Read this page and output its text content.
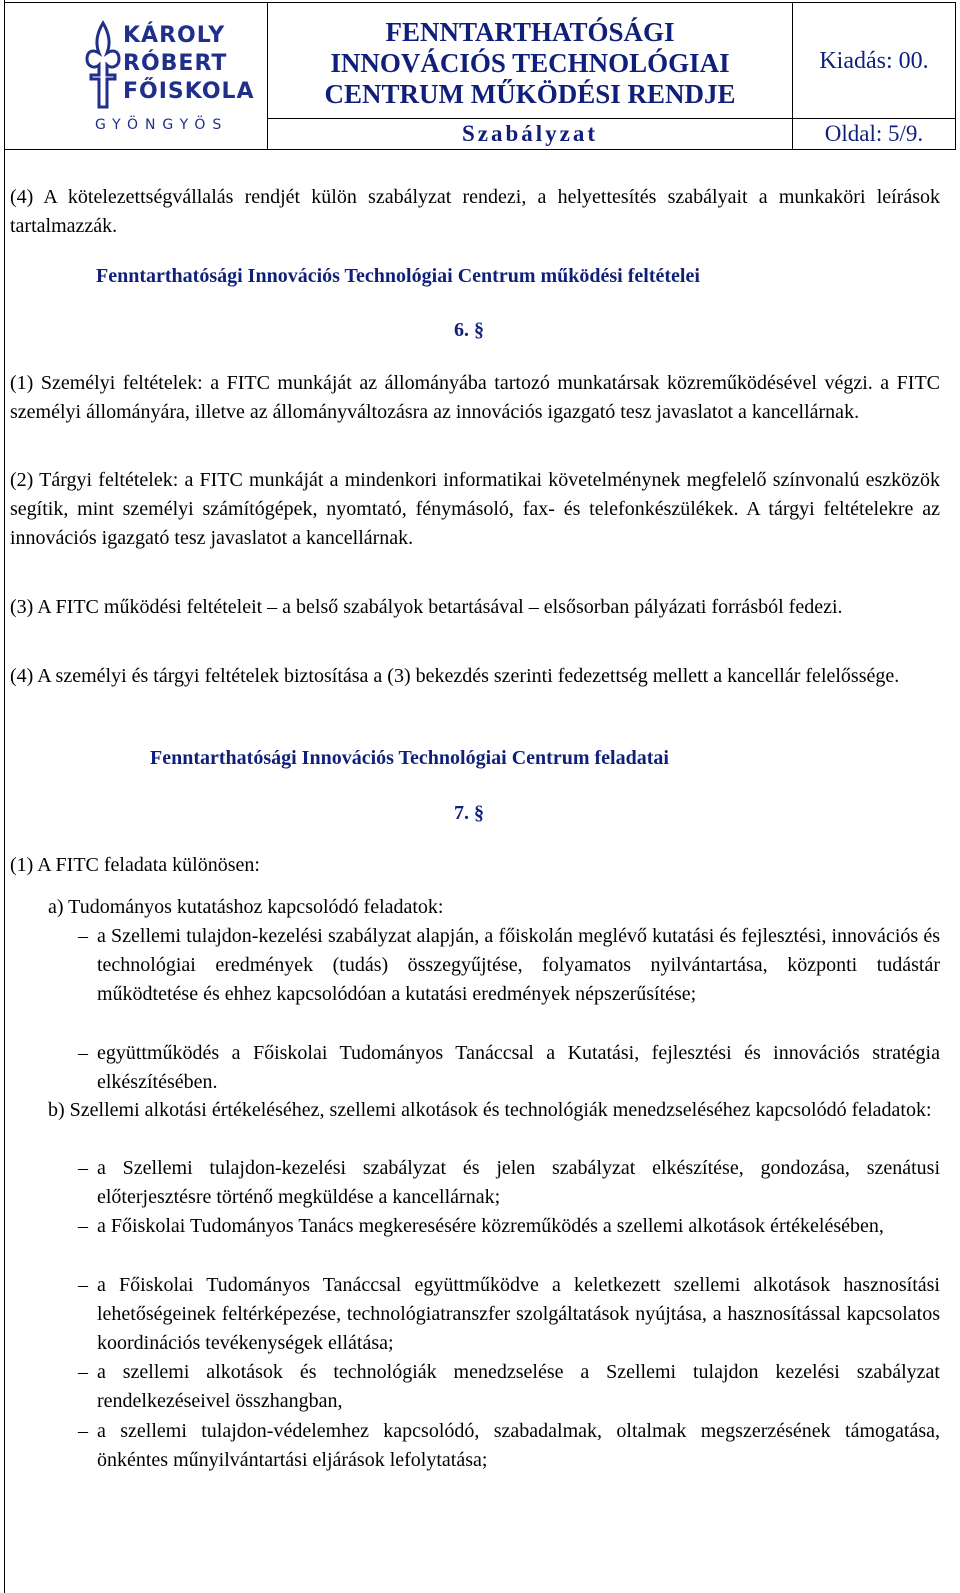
KÁROLY
RÓBERT
FŐISKOLA
GYÖNGYÖS
FENNTARTHATÓSÁGI
INNOVÁCIÓS TECHNOLÓGIAI
CENTRUM MŰKÖDÉSI RENDJE
Kiadás: 00.
Szabályzat	Oldal: 5/9.
(4) A kötelezettségvállalás rendjét külön szabályzat rendezi, a helyettesítés szabályait a munkaköri leírások tartalmazzák.
Fenntarthatósági Innovációs Technológiai Centrum működési feltételei
6. §
(1) Személyi feltételek: a FITC munkáját az állományába tartozó munkatársak közreműködésével végzi. a FITC személyi állományára, illetve az állományváltozásra az innovációs igazgató tesz javaslatot a kancellárnak.
(2) Tárgyi feltételek: a FITC munkáját a mindenkori informatikai követelménynek megfelelő színvonalú eszközök segítik, mint személyi számítógépek, nyomtató, fénymásoló, fax- és telefonkészülékek. A tárgyi feltételekre az innovációs igazgató tesz javaslatot a kancellárnak.
(3) A FITC működési feltételeit – a belső szabályok betartásával – elsősorban pályázati forrásból fedezi.
(4) A személyi és tárgyi feltételek biztosítása a (3) bekezdés szerinti fedezettség mellett a kancellár felelőssége.
Fenntarthatósági Innovációs Technológiai Centrum feladatai
7. §
(1) A FITC feladata különösen:
a) Tudományos kutatáshoz kapcsolódó feladatok:
– a Szellemi tulajdon-kezelési szabályzat alapján, a főiskolán meglévő kutatási és fejlesztési, innovációs és technológiai eredmények (tudás) összegyűjtése, folyamatos nyilvántartása, központi tudástár működtetése és ehhez kapcsolódóan a kutatási eredmények népszerűsítése;
– együttműködés a Főiskolai Tudományos Tanáccsal a Kutatási, fejlesztési és innovációs stratégia elkészítésében.
b) Szellemi alkotási értékeléséhez, szellemi alkotások és technológiák menedzseléséhez kapcsolódó feladatok:
– a Szellemi tulajdon-kezelési szabályzat és jelen szabályzat elkészítése, gondozása, szenátusi előterjesztésre történő megküldése a kancellárnak;
– a Főiskolai Tudományos Tanács megkeresésére közreműködés a szellemi alkotások értékelésében,
– a Főiskolai Tudományos Tanáccsal együttműködve a keletkezett szellemi alkotások hasznosítási lehetőségeinek feltérképezése, technológiatranszfer szolgáltatások nyújtása, a hasznosítással kapcsolatos koordinációs tevékenységek ellátása;
– a szellemi alkotások és technológiák menedzselése a Szellemi tulajdon kezelési szabályzat rendelkezéseivel összhangban,
– a szellemi tulajdon-védelemhez kapcsolódó, szabadalmak, oltalmak megszerzésének támogatása, önkéntes műnyilvántartási eljárások lefolytatása;
